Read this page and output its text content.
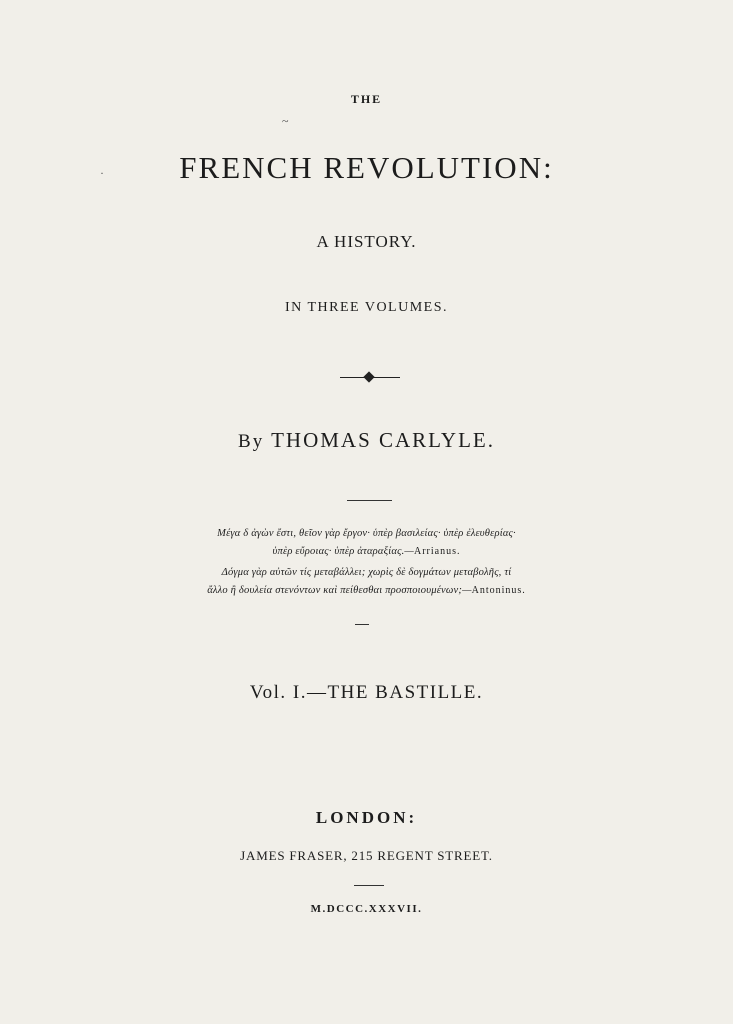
THE
~
·	FRENCH REVOLUTION:
A HISTORY.
IN THREE VOLUMES.
By THOMAS CARLYLE.
Μέγα δ ἀγὼν ἔστι, θεῖον γὰρ ἔργον· ὑπὲρ βασιλείας· ὑπὲρ ἐλευθερίας·
ὑπὲρ εὔροιας· ὑπὲρ ἀταραξίας.—Arrianus.
Δόγμα γὰρ αὐτῶν τίς μεταβάλλει; χωρὶς δὲ δογμάτων μεταβολῆς, τί
ἄλλο ἢ δουλεία στενόντων καὶ πείθεσθαι προσποιουμένων;—Antoninus.
Vol. I.—THE BASTILLE.
LONDON:
JAMES FRASER, 215 REGENT STREET.
M.DCCC.XXXVII.
